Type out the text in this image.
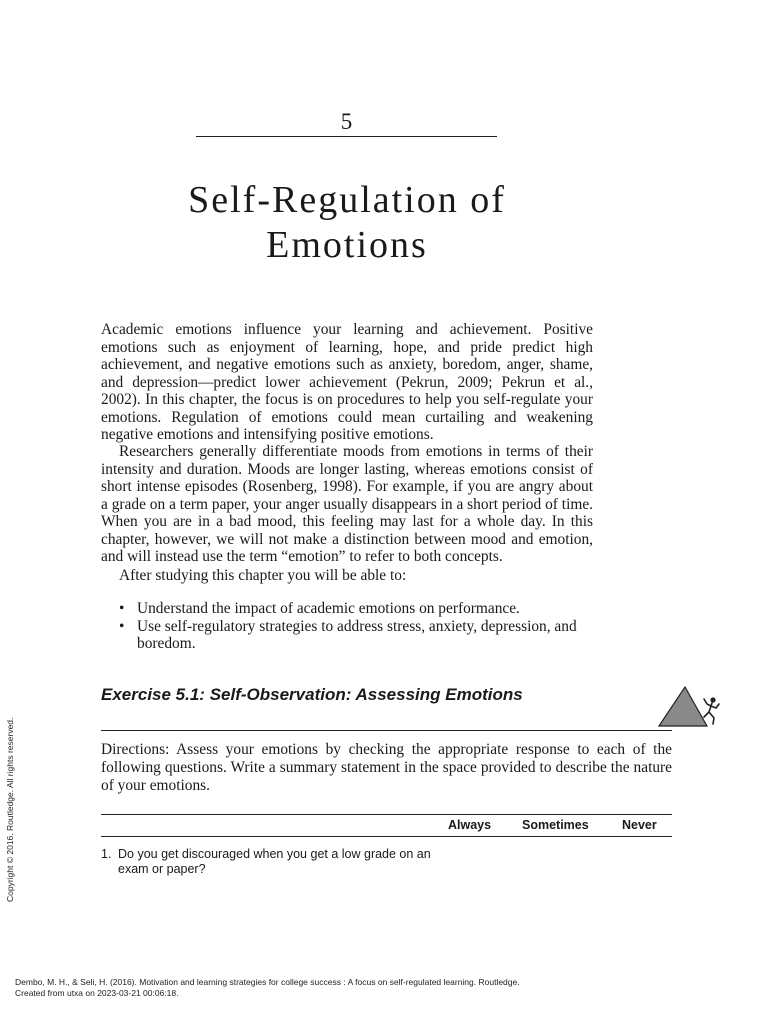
5
Self-Regulation of
Emotions

Academic emotions influence your learning and achievement. Positive emotions such as enjoyment of learning, hope, and pride predict high achievement, and negative emotions such as anxiety, boredom, anger, shame, and depression—predict lower achievement (Pekrun, 2009; Pekrun et al., 2002). In this chapter, the focus is on procedures to help you self-regulate your emotions. Regulation of emotions could mean curtailing and weakening negative emotions and intensifying positive emotions.

Researchers generally differentiate moods from emotions in terms of their intensity and duration. Moods are longer lasting, whereas emotions consist of short intense episodes (Rosenberg, 1998). For example, if you are angry about a grade on a term paper, your anger usually disappears in a short period of time. When you are in a bad mood, this feeling may last for a whole day. In this chapter, however, we will not make a distinction between mood and emotion, and will instead use the term “emotion” to refer to both concepts.

After studying this chapter you will be able to:

• Understand the impact of academic emotions on performance.
• Use self-regulatory strategies to address stress, anxiety, depression, and boredom.
Exercise 5.1: Self-Observation: Assessing Emotions

Directions: Assess your emotions by checking the appropriate response to each of the following questions. Write a summary statement in the space provided to describe the nature of your emotions.

Always Sometimes	Never
1. Do you get discouraged when you get a low grade on an exam or paper?
Copyright © 2016. Routledge. All rights reserved.
Dembo, M. H., & Seli, H. (2016). Motivation and learning strategies for college success : A focus on self-regulated learning. Routledge.
Created from utxa on 2023-03-21 00:06:18.
